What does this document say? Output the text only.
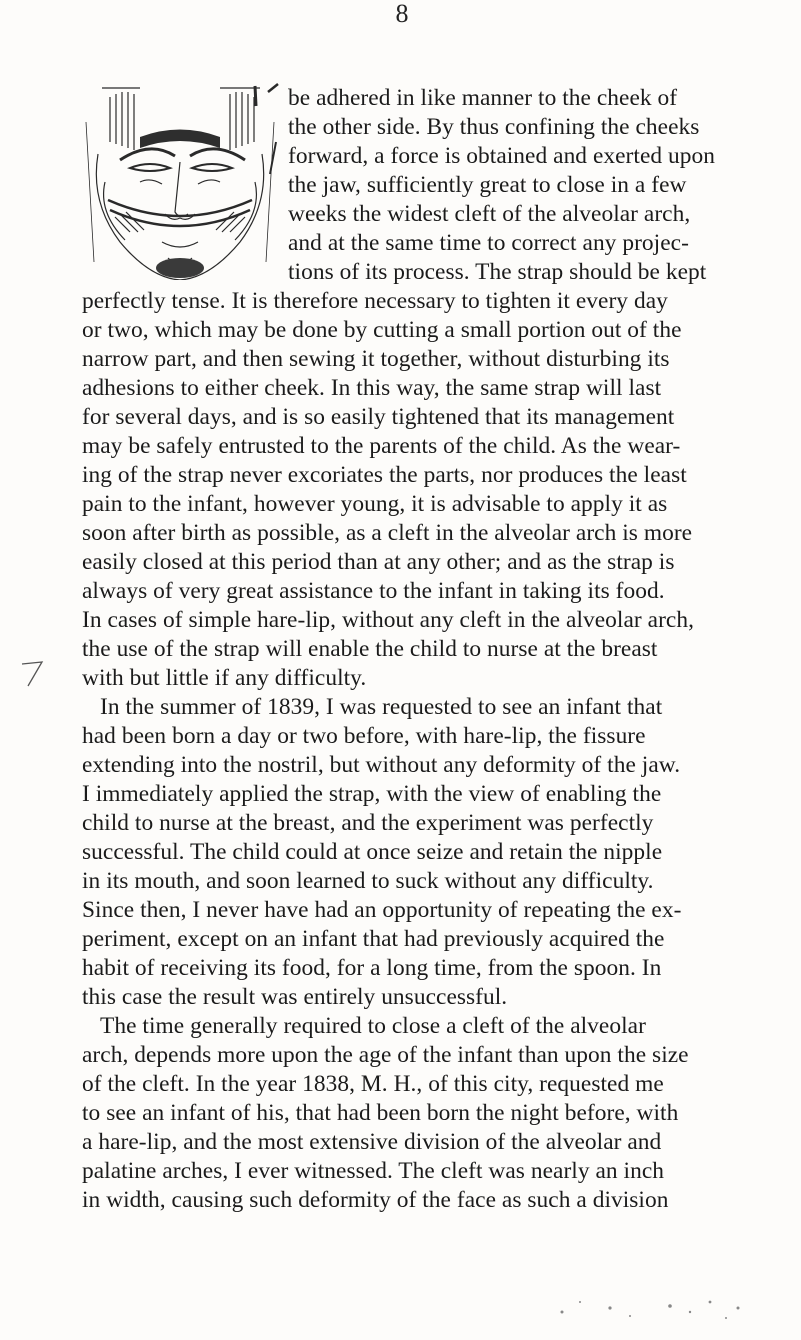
8
be adhered in like manner to the cheek of
the other side. By thus confining the cheeks
forward, a force is obtained and exerted upon
the jaw, sufficiently great to close in a few
weeks the widest cleft of the alveolar arch,
and at the same time to correct any projec-
tions of its process. The strap should be kept
perfectly tense. It is therefore necessary to tighten it every day
or two, which may be done by cutting a small portion out of the
narrow part, and then sewing it together, without disturbing its
adhesions to either cheek. In this way, the same strap will last
for several days, and is so easily tightened that its management
may be safely entrusted to the parents of the child. As the wear-
ing of the strap never excoriates the parts, nor produces the least
pain to the infant, however young, it is advisable to apply it as
soon after birth as possible, as a cleft in the alveolar arch is more
easily closed at this period than at any other; and as the strap is
always of very great assistance to the infant in taking its food.
In cases of simple hare-lip, without any cleft in the alveolar arch,
the use of the strap will enable the child to nurse at the breast
with but little if any difficulty.
In the summer of 1839, I was requested to see an infant that
had been born a day or two before, with hare-lip, the fissure
extending into the nostril, but without any deformity of the jaw.
I immediately applied the strap, with the view of enabling the
child to nurse at the breast, and the experiment was perfectly
successful. The child could at once seize and retain the nipple
in its mouth, and soon learned to suck without any difficulty.
Since then, I never have had an opportunity of repeating the ex-
periment, except on an infant that had previously acquired the
habit of receiving its food, for a long time, from the spoon. In
this case the result was entirely unsuccessful.
The time generally required to close a cleft of the alveolar
arch, depends more upon the age of the infant than upon the size
of the cleft. In the year 1838, M. H., of this city, requested me
to see an infant of his, that had been born the night before, with
a hare-lip, and the most extensive division of the alveolar and
palatine arches, I ever witnessed. The cleft was nearly an inch
in width, causing such deformity of the face as such a division
